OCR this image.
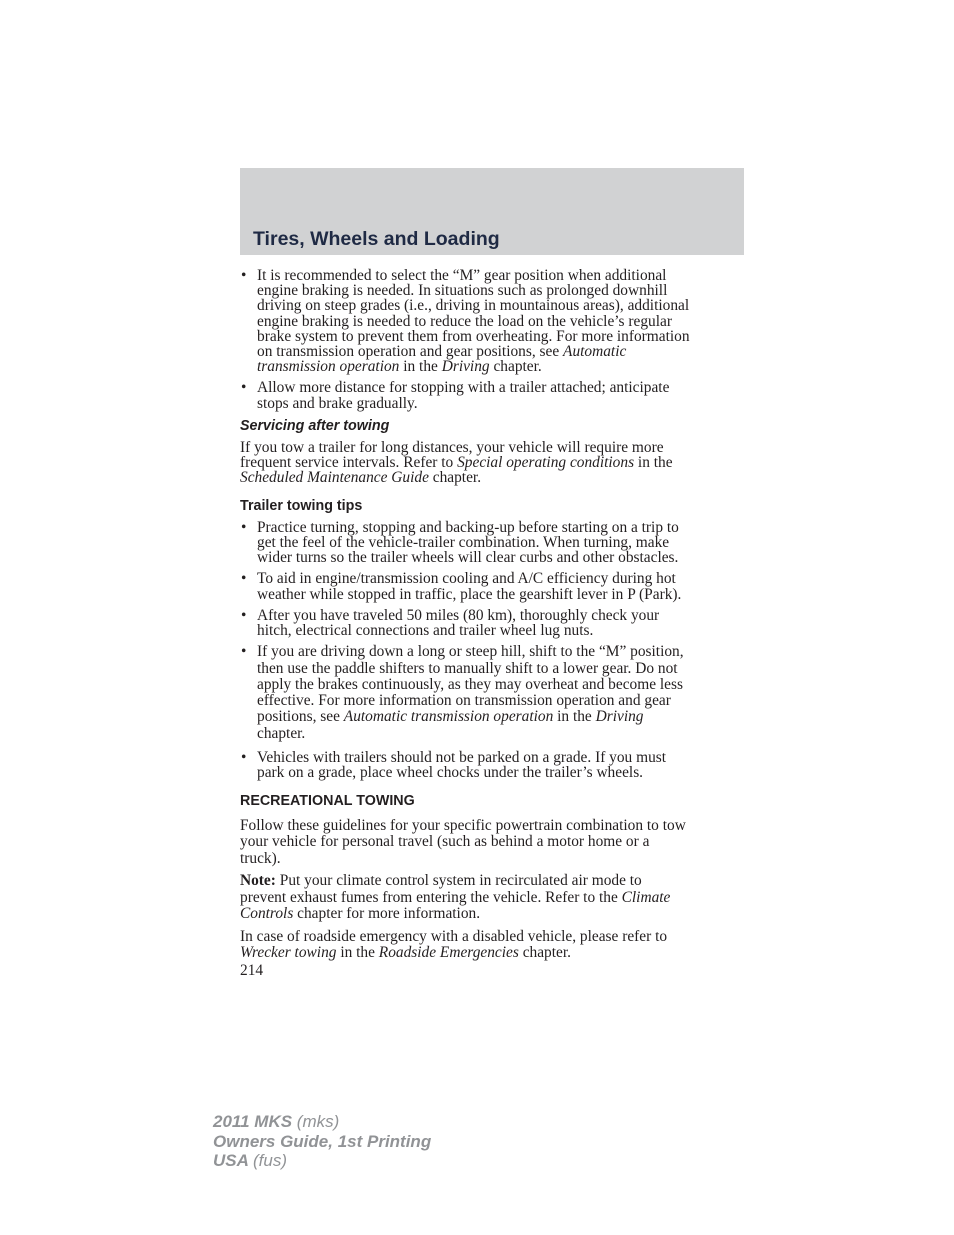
Tires, Wheels and Loading
• It is recommended to select the “M” gear position when additional
engine braking is needed. In situations such as prolonged downhill
driving on steep grades (i.e., driving in mountainous areas), additional
engine braking is needed to reduce the load on the vehicle’s regular
brake system to prevent them from overheating. For more information
on transmission operation and gear positions, see Automatic
transmission operation in the Driving chapter.
• Allow more distance for stopping with a trailer attached; anticipate
stops and brake gradually.
Servicing after towing
If you tow a trailer for long distances, your vehicle will require more
frequent service intervals. Refer to Special operating conditions in the
Scheduled Maintenance Guide chapter.
Trailer towing tips
• Practice turning, stopping and backing-up before starting on a trip to
get the feel of the vehicle-trailer combination. When turning, make
wider turns so the trailer wheels will clear curbs and other obstacles.
• To aid in engine/transmission cooling and A/C efficiency during hot
weather while stopped in traffic, place the gearshift lever in P (Park).
• After you have traveled 50 miles (80 km), thoroughly check your
hitch, electrical connections and trailer wheel lug nuts.
• If you are driving down a long or steep hill, shift to the “M” position,
then use the paddle shifters to manually shift to a lower gear. Do not
apply the brakes continuously, as they may overheat and become less
effective. For more information on transmission operation and gear
positions, see Automatic transmission operation in the Driving
chapter.
• Vehicles with trailers should not be parked on a grade. If you must
park on a grade, place wheel chocks under the trailer’s wheels.
RECREATIONAL TOWING
Follow these guidelines for your specific powertrain combination to tow
your vehicle for personal travel (such as behind a motor home or a
truck).
Note: Put your climate control system in recirculated air mode to
prevent exhaust fumes from entering the vehicle. Refer to the Climate
Controls chapter for more information.
In case of roadside emergency with a disabled vehicle, please refer to
Wrecker towing in the Roadside Emergencies chapter.
214
2011 MKS (mks)
Owners Guide, 1st Printing
USA (fus)
